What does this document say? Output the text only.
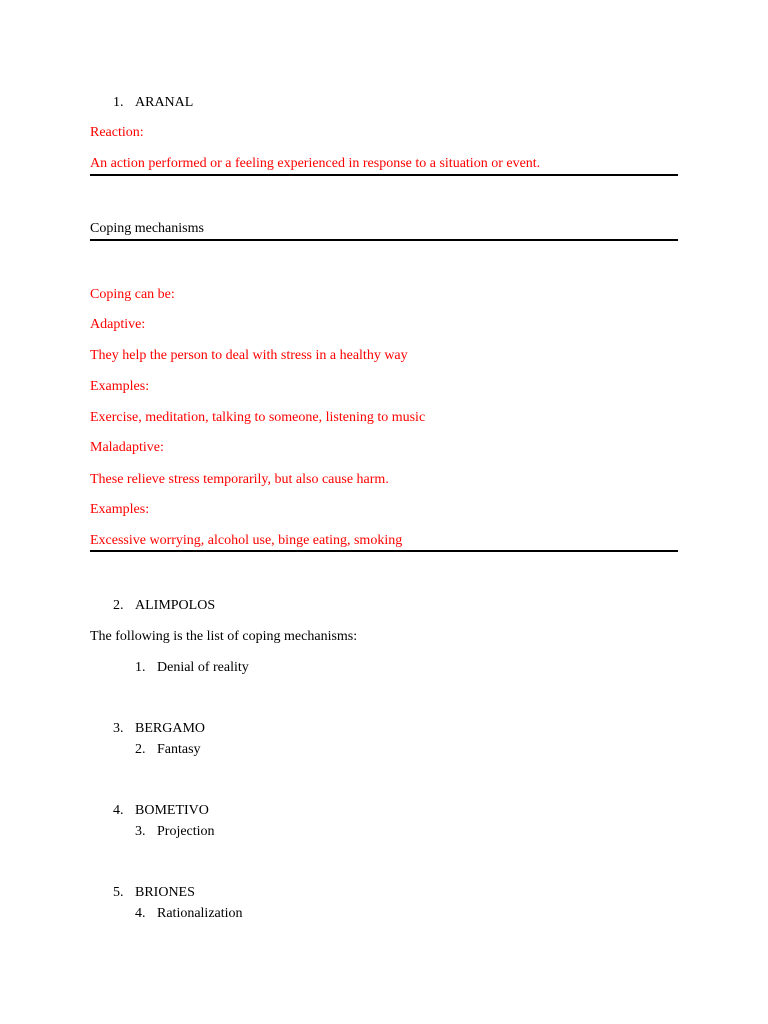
1. ARANAL
Reaction:
An action performed or a feeling experienced in response to a situation or event.
Coping mechanisms
Coping can be:
Adaptive:
They help the person to deal with stress in a healthy way
Examples:
Exercise, meditation, talking to someone, listening to music
Maladaptive:
These relieve stress temporarily, but also cause harm.
Examples:
Excessive worrying, alcohol use, binge eating, smoking
2. ALIMPOLOS
The following is the list of coping mechanisms:
1. Denial of reality
3. BERGAMO
2. Fantasy
4. BOMETIVO
3. Projection
5. BRIONES
4. Rationalization
